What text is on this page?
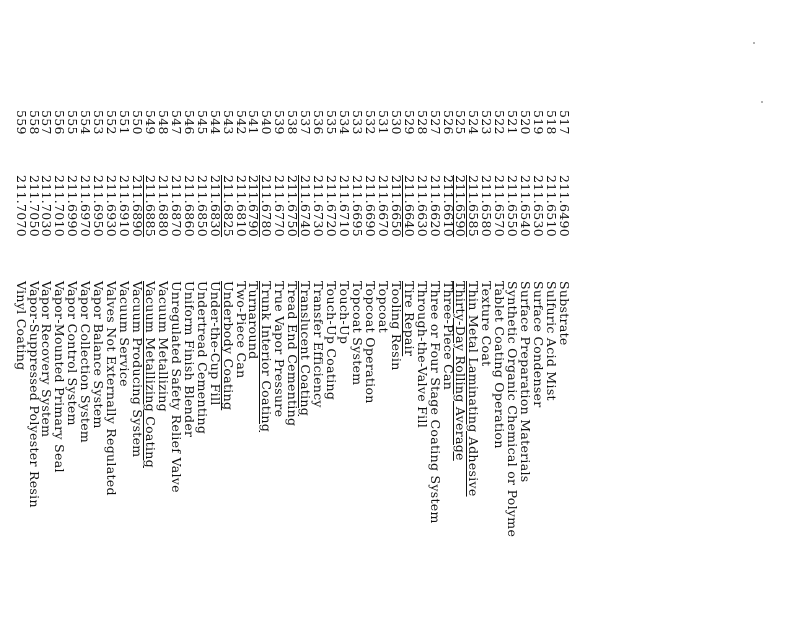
517
211.6490
Substrate
518
211.6510
Sulfuric Acid Mist
519
211.6530
Surface Condenser
520
211.6540
Surface Preparation Materials
521
211.6550
Synthetic Organic Chemical or Polyme
522
211.6570
Tablet Coating Operation
523
211.6580
Texture Coat
524
211.6585
Thin Metal Laminating Adhesive
525
211.6590
Thirty-Day Rolling Average
526
211.6610
Three-Piece Can
527
211.6620
Three or Four Stage Coating System
528
211.6630
Through-the-Valve Fill
529
211.6640
Tire Repair
530
211.6650
Tooling Resin
531
211.6670
Topcoat
532
211.6690
Topcoat Operation
533
211.6695
Topcoat System
534
211.6710
Touch-Up
535
211.6720
Touch-Up Coating
536
211.6730
Transfer Efficiency
537
211.6740
Translucent Coating
538
211.6750
Tread End Cementing
539
211.6770
True Vapor Pressure
540
211.6780
Trunk Interior Coating
541
211.6790
Turnaround
542
211.6810
Two-Piece Can
543
211.6825
Underbody Coating
544
211.6830
Under-the-Cup Fill
545
211.6850
Undertread Cementing
546
211.6860
Uniform Finish Blender
547
211.6870
Unregulated Safety Relief Valve
548
211.6880
Vacuum Metallizing
549
211.6885
Vacuum Metallizing Coating
550
211.6890
Vacuum Producing System
551
211.6910
Vacuum Service
552
211.6930
Valves Not Externally Regulated
553
211.6950
Vapor Balance System
554
211.6970
Vapor Collection System
555
211.6990
Vapor Control System
556
211.7010
Vapor-Mounted Primary Seal
557
211.7030
Vapor Recovery System
558
211.7050
Vapor-Suppressed Polyester Resin
559
211.7070
Vinyl Coating
